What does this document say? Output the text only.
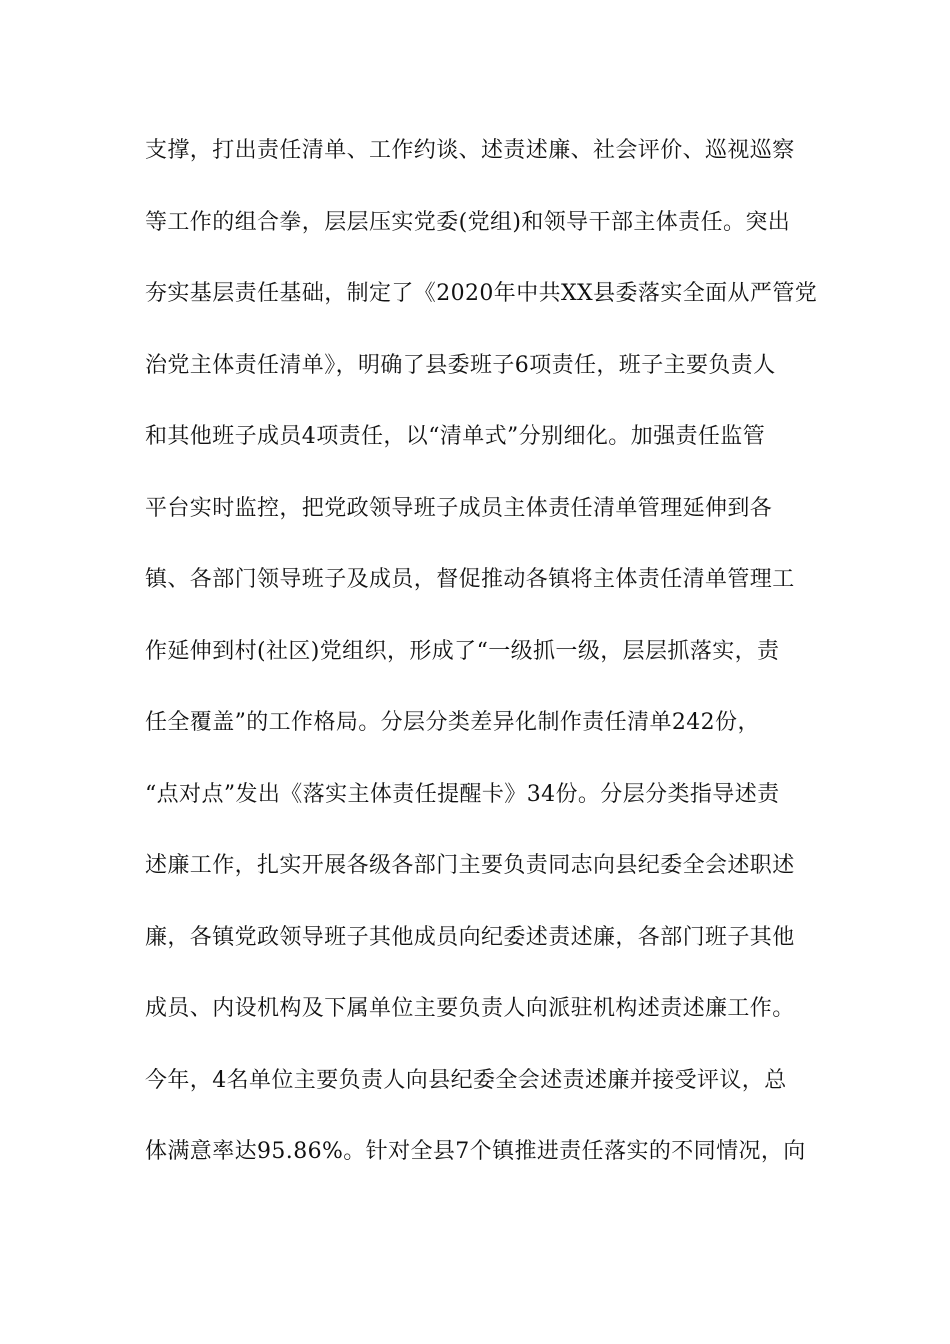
支撑，打出责任清单、工作约谈、述责述廉、社会评价、巡视巡察
等工作的组合拳，层层压实党委(党组)和领导干部主体责任。突出
夯实基层责任基础，制定了《2020年中共XX县委落实全面从严管党
治党主体责任清单》，明确了县委班子6项责任，班子主要负责人
和其他班子成员4项责任，以“清单式”分别细化。加强责任监管
平台实时监控，把党政领导班子成员主体责任清单管理延伸到各
镇、各部门领导班子及成员，督促推动各镇将主体责任清单管理工
作延伸到村(社区)党组织，形成了“一级抓一级，层层抓落实，责
任全覆盖”的工作格局。分层分类差异化制作责任清单242份，
“点对点”发出《落实主体责任提醒卡》34份。分层分类指导述责
述廉工作，扎实开展各级各部门主要负责同志向县纪委全会述职述
廉，各镇党政领导班子其他成员向纪委述责述廉，各部门班子其他
成员、内设机构及下属单位主要负责人向派驻机构述责述廉工作。
今年，4名单位主要负责人向县纪委全会述责述廉并接受评议，总
体满意率达95.86%。针对全县7个镇推进责任落实的不同情况，向
